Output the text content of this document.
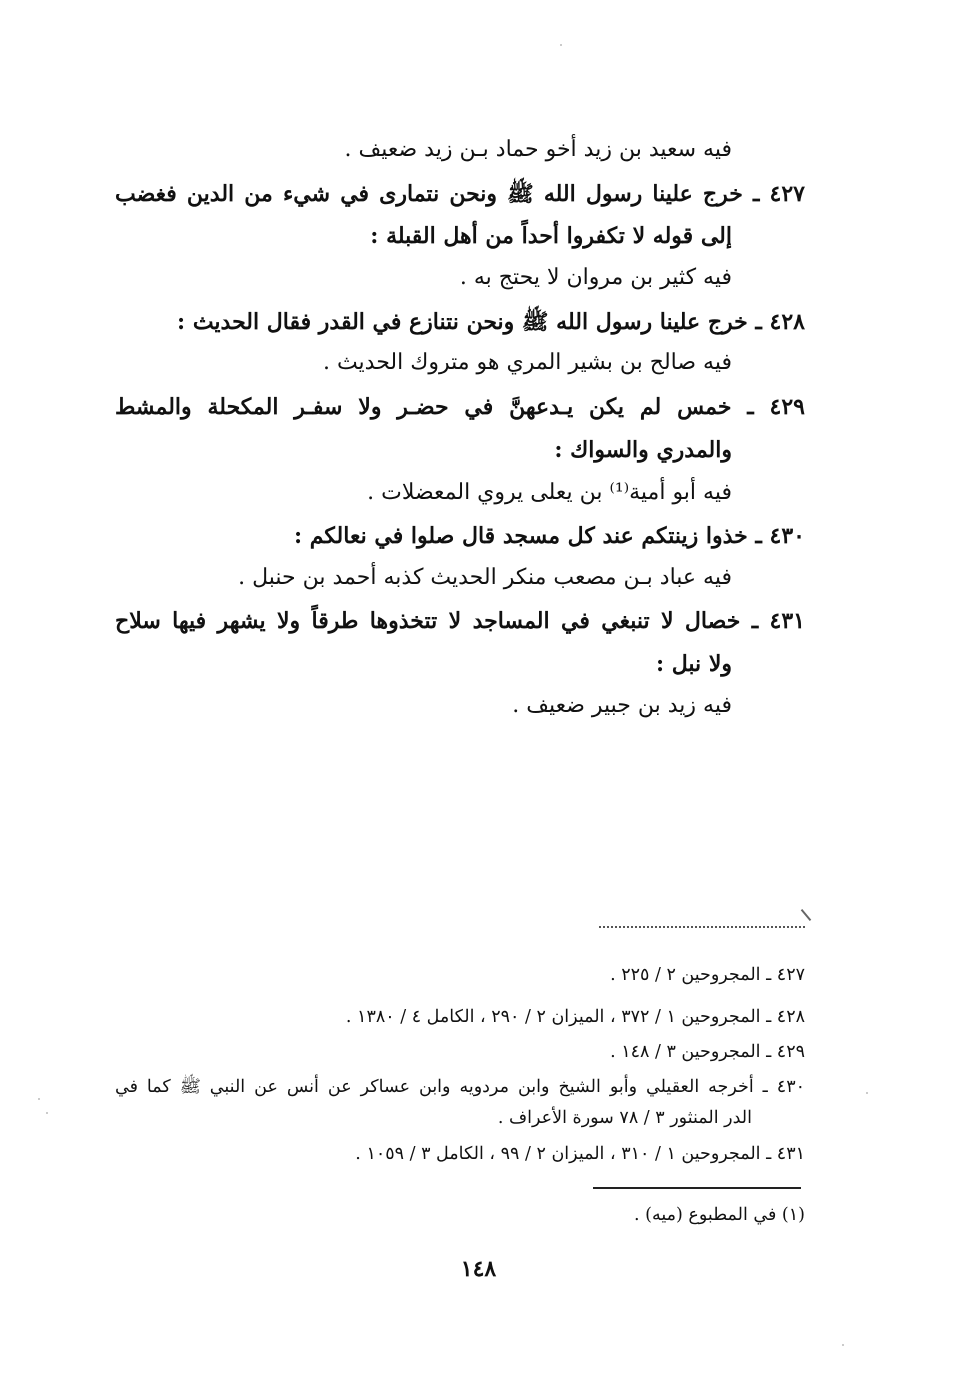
فيه سعيد بن زيد أخو حماد بـن زيد ضعيف .
٤٢٧ ـ خرج علينا رسول الله ﷺ ونحن نتمارى في شيء من الدين فغضب
إلى قوله لا تكفروا أحداً من أهل القبلة :
فيه كثير بن مروان لا يحتج به .
٤٢٨ ـ خرج علينا رسول الله ﷺ ونحن نتنازع في القدر فقال الحديث :
فيه صالح بن بشير المري هو متروك الحديث .
٤٢٩ ـ خمس لم يكن يـدعهنَّ في حضـر ولا سفـر المكحلة والمشط
والمدري والسواك :
فيه أبو أمية⁽¹⁾ بن يعلى يروي المعضلات .
٤٣٠ ـ خذوا زينتكم عند كل مسجد قال صلوا في نعالكم :
فيه عباد بـن مصعب منكر الحديث كذبه أحمد بن حنبل .
٤٣١ ـ خصال لا تنبغي في المساجد لا تتخذوها طرقاً ولا يشهر فيها سلاح
ولا نبل :
فيه زيد بن جبير ضعيف .
٤٢٧ ـ المجروحين ٢ / ٢٢٥ .
٤٢٨ ـ المجروحين ١ / ٣٧٢ ، الميزان ٢ / ٢٩٠ ، الكامل ٤ / ١٣٨٠ .
٤٢٩ ـ المجروحين ٣ / ١٤٨ .
٤٣٠ ـ أخرجه العقيلي وأبو الشيخ وابن مردويه وابن عساكر عن أنس عن النبي ﷺ كما في
الدر المنثور ٣ / ٧٨ سورة الأعراف .
٤٣١ ـ المجروحين ١ / ٣١٠ ، الميزان ٢ / ٩٩ ، الكامل ٣ / ١٠٥٩ .
(١) في المطبوع (ميه) .
١٤٨
